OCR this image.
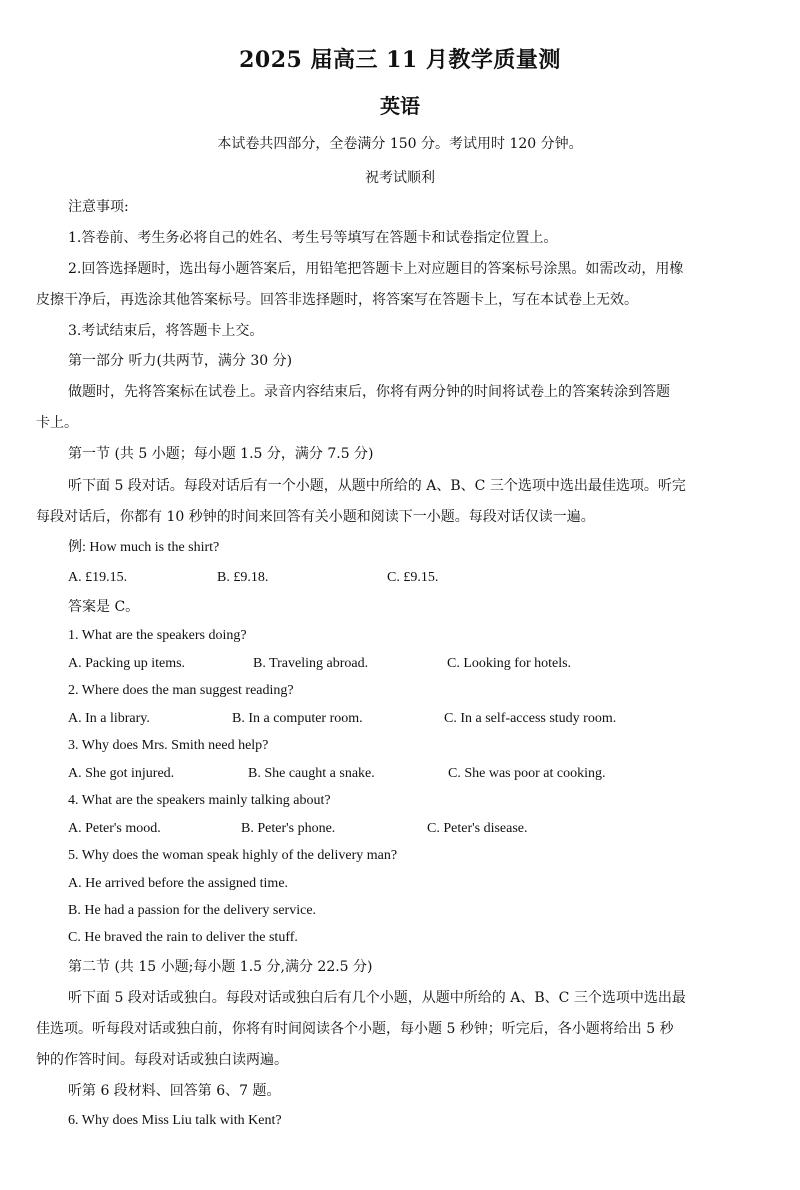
2025 届高三 11 月教学质量测
英语
本试卷共四部分，全卷满分 150 分。考试用时 120 分钟。
祝考试顺利
注意事项:
1.答卷前、考生务必将自己的姓名、考生号等填写在答题卡和试卷指定位置上。
2.回答选择题时，选出每小题答案后，用铅笔把答题卡上对应题目的答案标号涂黑。如需改动，用橡
皮擦干净后，再选涂其他答案标号。回答非选择题时，将答案写在答题卡上，写在本试卷上无效。
3.考试结束后，将答题卡上交。
第一部分 听力(共两节，满分 30 分)
做题时，先将答案标在试卷上。录音内容结束后，你将有两分钟的时间将试卷上的答案转涂到答题
卡上。
第一节 (共 5 小题；每小题 1.5 分，满分 7.5 分)
听下面 5 段对话。每段对话后有一个小题，从题中所给的 A、B、C 三个选项中选出最佳选项。听完
每段对话后，你都有 10 秒钟的时间来回答有关小题和阅读下一小题。每段对话仅读一遍。
例: How much is the shirt?
A. £19.15.	B. £9.18.	C. £9.15.
答案是 C。
1. What are the speakers doing?
A. Packing up items.	B. Traveling abroad.	C. Looking for hotels.
2. Where does the man suggest reading?
A. In a library.	B. In a computer room.	C. In a self-access study room.
3. Why does Mrs. Smith need help?
A. She got injured.	B. She caught a snake.	C. She was poor at cooking.
4. What are the speakers mainly talking about?
A. Peter's mood.	B. Peter's phone.	C. Peter's disease.
5. Why does the woman speak highly of the delivery man?
A. He arrived before the assigned time.
B. He had a passion for the delivery service.
C. He braved the rain to deliver the stuff.
第二节 (共 15 小题;每小题 1.5 分,满分 22.5 分)
听下面 5 段对话或独白。每段对话或独白后有几个小题，从题中所给的 A、B、C 三个选项中选出最
佳选项。听每段对话或独白前，你将有时间阅读各个小题，每小题 5 秒钟；听完后，各小题将给出 5 秒
钟的作答时间。每段对话或独白读两遍。
听第 6 段材料、回答第 6、7 题。
6. Why does Miss Liu talk with Kent?
